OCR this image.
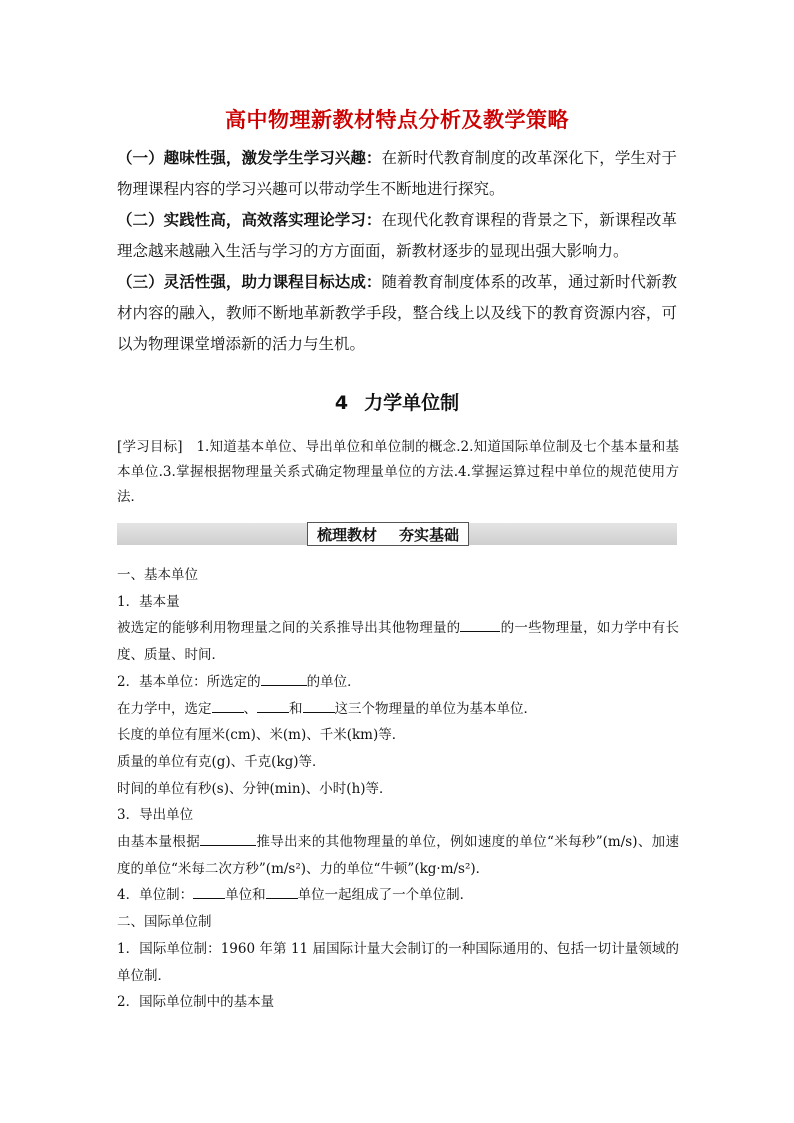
高中物理新教材特点分析及教学策略

（一）趣味性强，激发学生学习兴趣：在新时代教育制度的改革深化下，学生对于物理课程内容的学习兴趣可以带动学生不断地进行探究。

（二）实践性高，高效落实理论学习：在现代化教育课程的背景之下，新课程改革理念越来越融入生活与学习的方方面面，新教材逐步的显现出强大影响力。

（三）灵活性强，助力课程目标达成：随着教育制度体系的改革，通过新时代新教材内容的融入，教师不断地革新教学手段，整合线上以及线下的教育资源内容，可以为物理课堂增添新的活力与生机。

4 力学单位制
[学习目标]　1.知道基本单位、导出单位和单位制的概念.2.知道国际单位制及七个基本量和基本单位.3.掌握根据物理量关系式确定物理量单位的方法.4.掌握运算过程中单位的规范使用方法．
梳理教材 夯实基础

一、基本单位

1．基本量

被选定的能够利用物理量之间的关系推导出其他物理量的	的一些物理量，如力学中有长度、质量、时间．

2．基本单位：所选定的	的单位．

在力学中，选定 、 和 这三个物理量的单位为基本单位．

长度的单位有厘米(cm)、米(m)、千米(km)等．

质量的单位有克(g)、千克(kg)等．

时间的单位有秒(s)、分钟(min)、小时(h)等．

3．导出单位

由基本量根据	推导出来的其他物理量的单位，例如速度的单位“米每秒”(m/s)、加速度的单位“米每二次方秒”(m/s²)、力的单位“牛顿”(kg·m/s²)．

4．单位制： 单位和 单位一起组成了一个单位制．

二、国际单位制

1．国际单位制：1960 年第 11 届国际计量大会制订的一种国际通用的、包括一切计量领域的单位制．

2．国际单位制中的基本量
